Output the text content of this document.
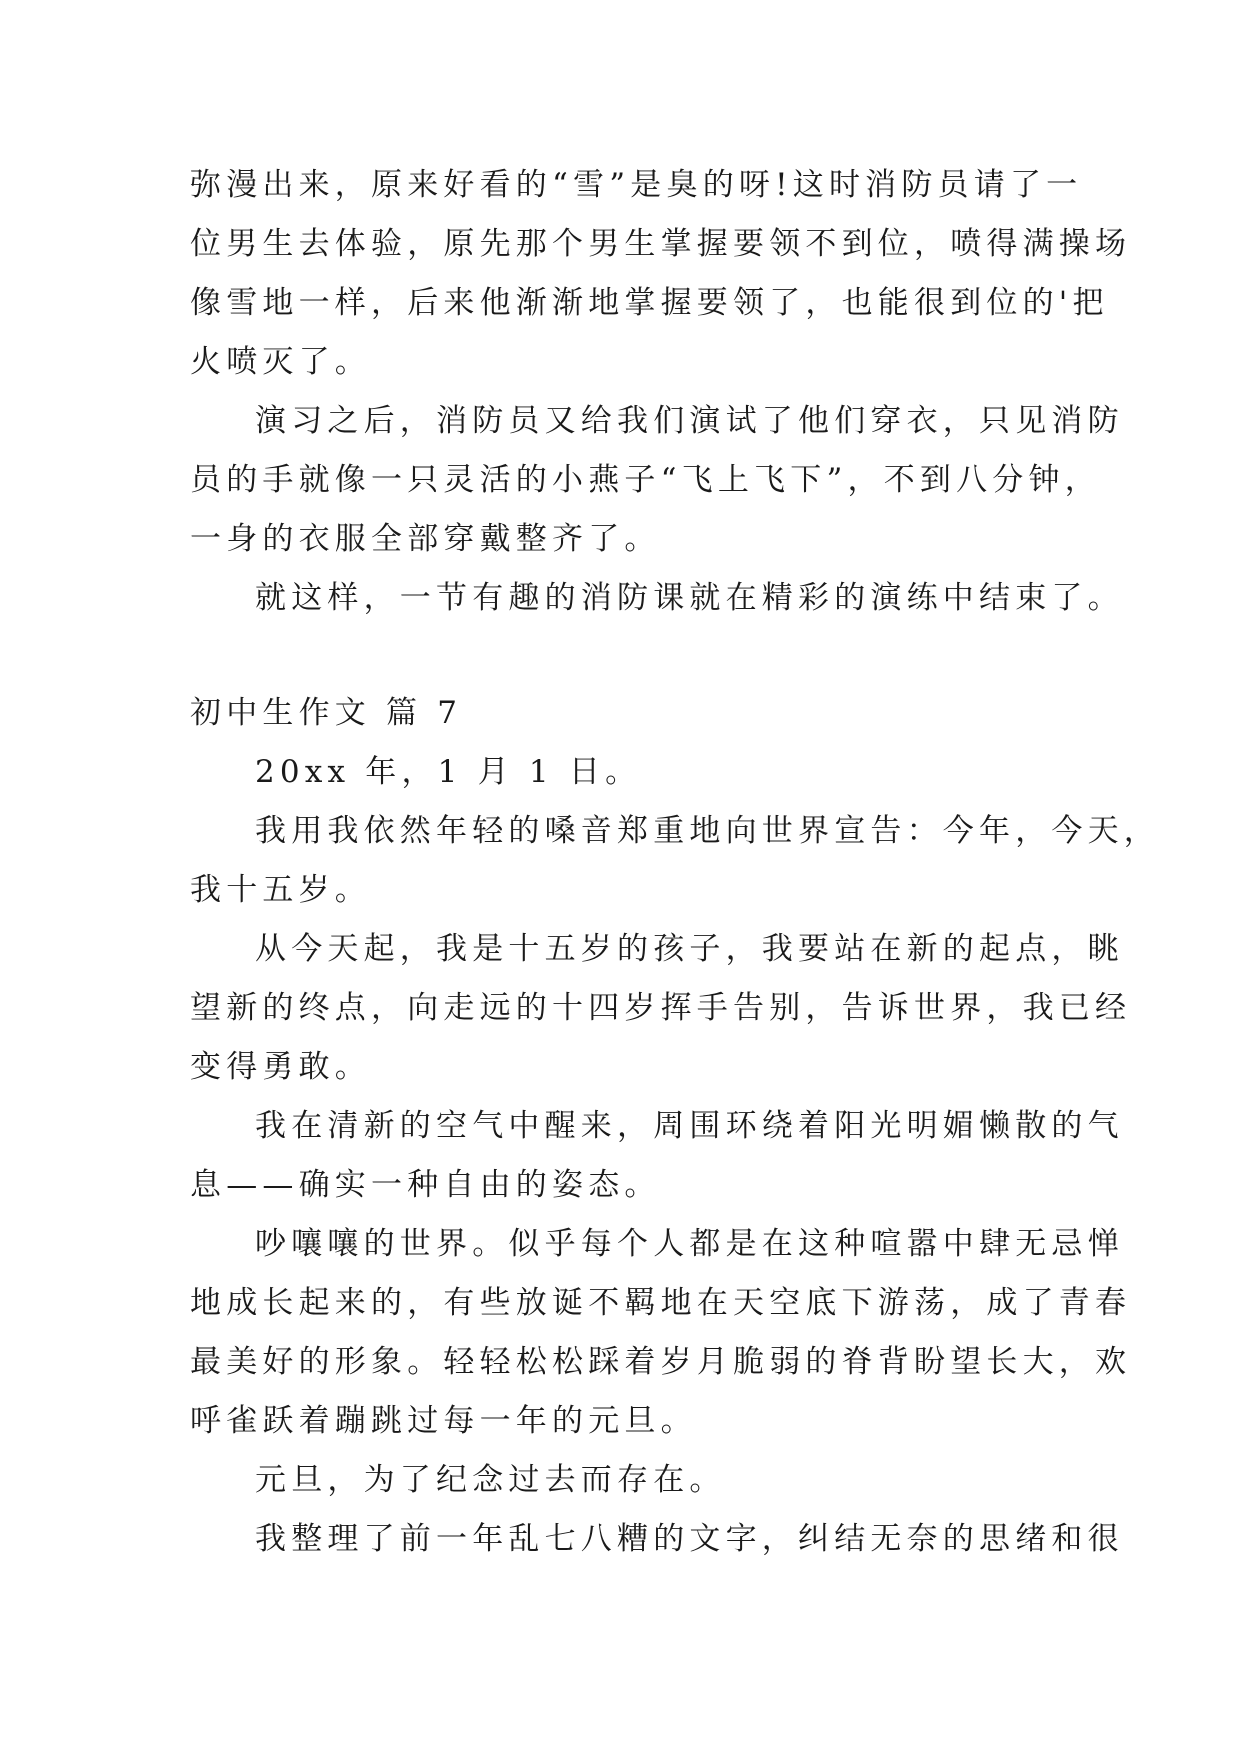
弥漫出来，原来好看的“雪”是臭的呀!这时消防员请了一
位男生去体验，原先那个男生掌握要领不到位，喷得满操场
像雪地一样，后来他渐渐地掌握要领了，也能很到位的'把
火喷灭了。
演习之后，消防员又给我们演试了他们穿衣，只见消防
员的手就像一只灵活的小燕子“飞上飞下”，不到八分钟，
一身的衣服全部穿戴整齐了。
就这样，一节有趣的消防课就在精彩的演练中结束了。
初中生作文 篇 7
20xx 年，1 月 1 日。
我用我依然年轻的嗓音郑重地向世界宣告：今年，今天，
我十五岁。
从今天起，我是十五岁的孩子，我要站在新的起点，眺
望新的终点，向走远的十四岁挥手告别，告诉世界，我已经
变得勇敢。
我在清新的空气中醒来，周围环绕着阳光明媚懒散的气
息——确实一种自由的姿态。
吵嚷嚷的世界。似乎每个人都是在这种喧嚣中肆无忌惮
地成长起来的，有些放诞不羁地在天空底下游荡，成了青春
最美好的形象。轻轻松松踩着岁月脆弱的脊背盼望长大，欢
呼雀跃着蹦跳过每一年的元旦。
元旦，为了纪念过去而存在。
我整理了前一年乱七八糟的文字，纠结无奈的思绪和很
